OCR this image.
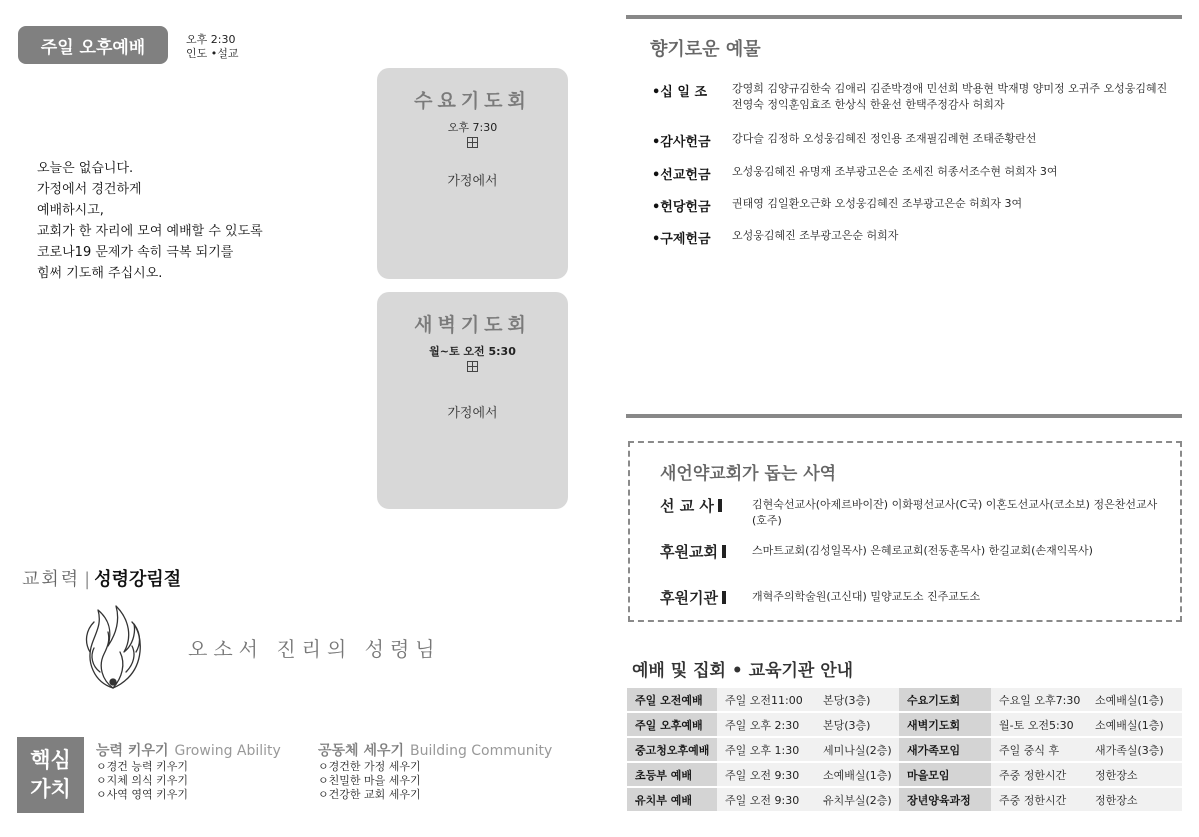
주일 오후예배	오후 2:30
인도 •설교
오늘은 없습니다.
가정에서 경건하게
예배하시고,
교회가 한 자리에 모여 예배할 수 있도록
코로나19 문제가 속히 극복 되기를
힘써 기도해 주십시오.
수요기도회
오후 7:30
가정에서
새벽기도회
월~토 오전 5:30
가정에서
교회력 | 성령강림절
오소서 진리의 성령님
핵심
가치
능력 키우기 Growing Ability
ㅇ경건 능력 키우기
ㅇ지체 의식 키우기
ㅇ사역 영역 키우기
공동체 세우기 Building Community
ㅇ경건한 가정 세우기
ㅇ친밀한 마을 세우기
ㅇ건강한 교회 세우기
향기로운 예물
•십 일 조	강영희 김양규김한숙 김애리 김준박경애 민선희 박용현 박재명 양미정 오귀주 오성웅김혜진 전영숙 정익훈임효조 한상식 한윤선 한택주정감사 허희자
•감사헌금	강다슬 김정하 오성웅김혜진 정인용 조재필김례현 조태준황란선
•선교헌금	오성웅김혜진 유명재 조부광고은순 조세진 허종서조수현 허희자 3여
•헌당헌금	권태영 김일환오근화 오성웅김혜진 조부광고은순 허희자 3여
•구제헌금	오성웅김혜진 조부광고은순 허희자
새언약교회가 돕는 사역
선 교 사	김현숙선교사(아제르바이잔) 이화평선교사(C국) 이혼도선교사(코소보) 정은찬선교사(호주)
후원교회	스마트교회(김성일목사) 은혜로교회(전동훈목사) 한길교회(손재익목사)
후원기관	개혁주의학술원(고신대) 밀양교도소 진주교도소
예배 및 집회 • 교육기관 안내
주일 오전예배	주일 오전11:00	본당(3층)	수요기도회	수요일 오후7:30	소예배실(1층)
주일 오후예배	주일 오후 2:30	본당(3층)	새벽기도회	월-토 오전5:30	소예배실(1층)
중고청오후예배	주일 오후 1:30	세미나실(2층)	새가족모임	주일 중식 후	새가족실(3층)
초등부 예배	주일 오전 9:30	소예배실(1층)	마을모임	주중 정한시간	정한장소
유치부 예배	주일 오전 9:30	유치부실(2층)	장년양육과정	주중 정한시간	정한장소
